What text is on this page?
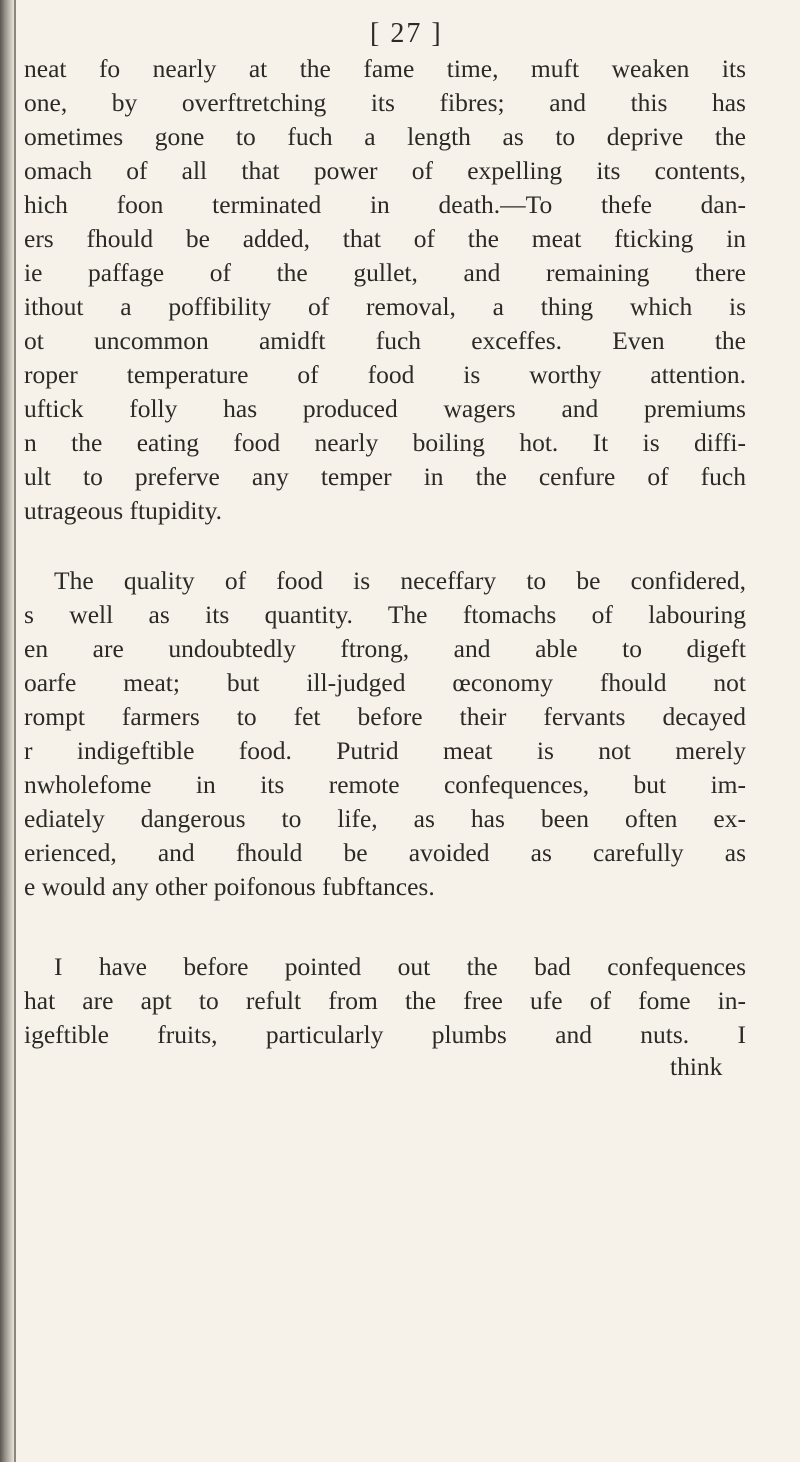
[ 27 ]
neat fo nearly at the fame time, muft weaken its
one, by overftretching its fibres; and this has
ometimes gone to fuch a length as to deprive the
omach of all that power of expelling its contents,
hich foon terminated in death.—To thefe dan-
ers fhould be added, that of the meat fticking in
ie paffage of the gullet, and remaining there
ithout a poffibility of removal, a thing which is
ot uncommon amidft fuch exceffes. Even the
roper temperature of food is worthy attention.
uftick folly has produced wagers and premiums
n the eating food nearly boiling hot. It is diffi-
ult to preferve any temper in the cenfure of fuch
utrageous ftupidity.
The quality of food is neceffary to be confidered,
s well as its quantity. The ftomachs of labouring
en are undoubtedly ftrong, and able to digeft
oarfe meat; but ill-judged œconomy fhould not
rompt farmers to fet before their fervants decayed
r indigeftible food. Putrid meat is not merely
nwholefome in its remote confequences, but im-
ediately dangerous to life, as has been often ex-
erienced, and fhould be avoided as carefully as
e would any other poifonous fubftances.
I have before pointed out the bad confequences
hat are apt to refult from the free ufe of fome in-
igeftible fruits, particularly plumbs and nuts. I
think
